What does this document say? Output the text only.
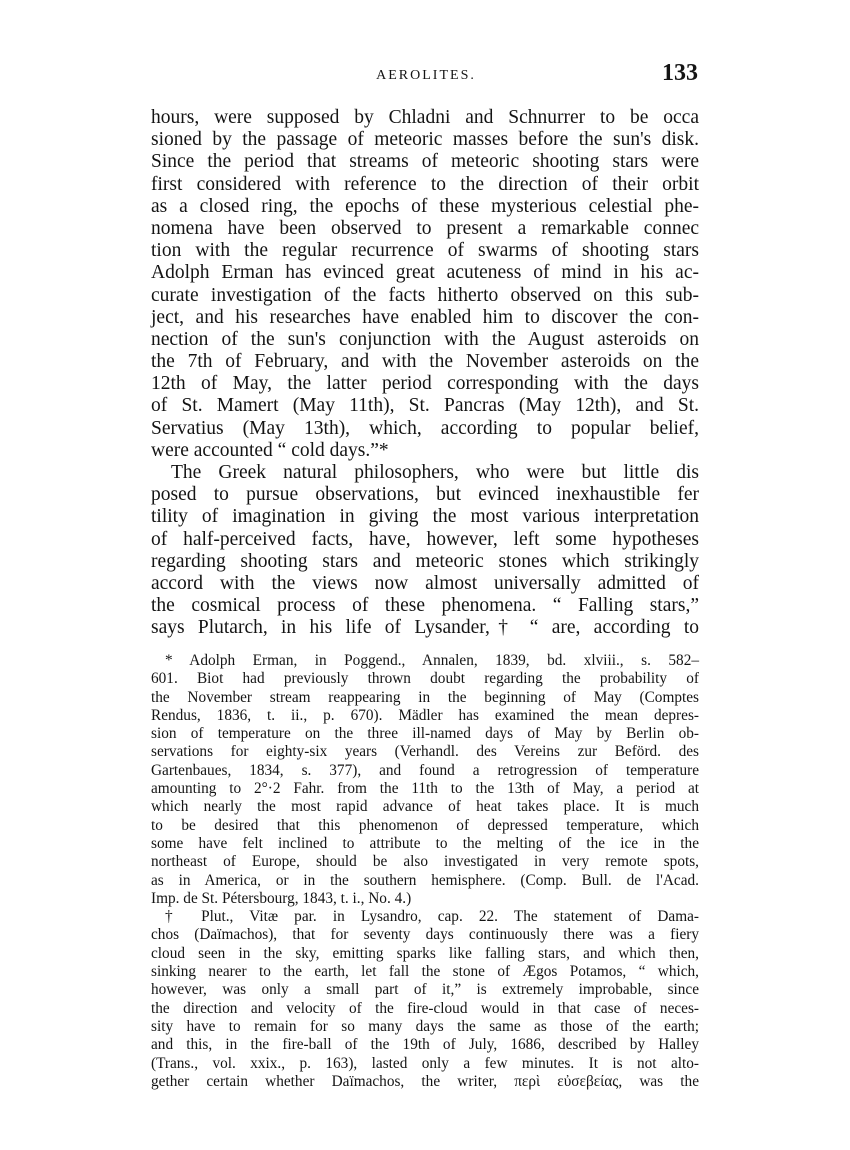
AEROLITES.	133
hours, were supposed by Chladni and Schnurrer to be occa
sioned by the passage of meteoric masses before the sun's disk.
Since the period that streams of meteoric shooting stars were
first considered with reference to the direction of their orbit
as a closed ring, the epochs of these mysterious celestial phe-
nomena have been observed to present a remarkable connec
tion with the regular recurrence of swarms of shooting stars
Adolph Erman has evinced great acuteness of mind in his ac-
curate investigation of the facts hitherto observed on this sub-
ject, and his researches have enabled him to discover the con-
nection of the sun's conjunction with the August asteroids on
the 7th of February, and with the November asteroids on the
12th of May, the latter period corresponding with the days
of St. Mamert (May 11th), St. Pancras (May 12th), and St.
Servatius (May 13th), which, according to popular belief,
were accounted “ cold days.”*
The Greek natural philosophers, who were but little dis
posed to pursue observations, but evinced inexhaustible fer
tility of imagination in giving the most various interpretation
of half-perceived facts, have, however, left some hypotheses
regarding shooting stars and meteoric stones which strikingly
accord with the views now almost universally admitted of
the cosmical process of these phenomena. “ Falling stars,”
says Plutarch, in his life of Lysander,† “ are, according to
* Adolph Erman, in Poggend., Annalen, 1839, bd. xlviii., s. 582–
601. Biot had previously thrown doubt regarding the probability of
the November stream reappearing in the beginning of May (Comptes
Rendus, 1836, t. ii., p. 670). Mädler has examined the mean depres-
sion of temperature on the three ill-named days of May by Berlin ob-
servations for eighty-six years (Verhandl. des Vereins zur Beförd. des
Gartenbaues, 1834, s. 377), and found a retrogression of temperature
amounting to 2°·2 Fahr. from the 11th to the 13th of May, a period at
which nearly the most rapid advance of heat takes place. It is much
to be desired that this phenomenon of depressed temperature, which
some have felt inclined to attribute to the melting of the ice in the
northeast of Europe, should be also investigated in very remote spots,
as in America, or in the southern hemisphere. (Comp. Bull. de l'Acad.
Imp. de St. Pétersbourg, 1843, t. i., No. 4.)
† Plut., Vitæ par. in Lysandro, cap. 22. The statement of Dama-
chos (Daïmachos), that for seventy days continuously there was a fiery
cloud seen in the sky, emitting sparks like falling stars, and which then,
sinking nearer to the earth, let fall the stone of Ægos Potamos, “ which,
however, was only a small part of it,” is extremely improbable, since
the direction and velocity of the fire-cloud would in that case of neces-
sity have to remain for so many days the same as those of the earth;
and this, in the fire-ball of the 19th of July, 1686, described by Halley
(Trans., vol. xxix., p. 163), lasted only a few minutes. It is not alto-
gether certain whether Daïmachos, the writer, περὶ εὐσεβείας, was the
